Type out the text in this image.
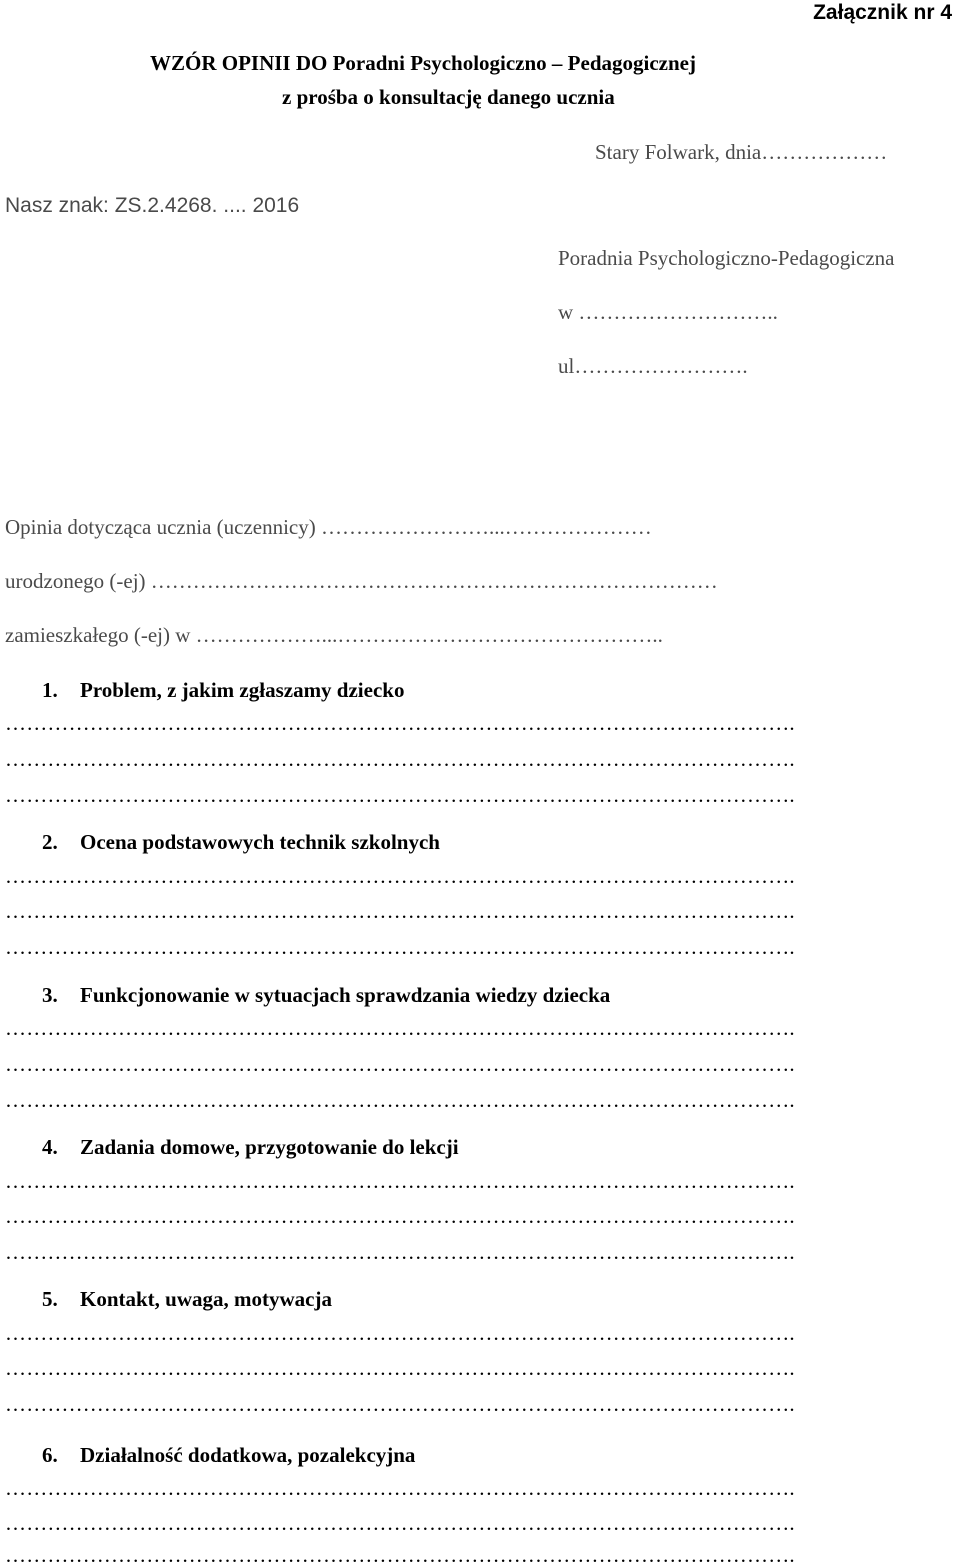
Załącznik nr 4
WZÓR OPINII DO Poradni Psychologiczno – Pedagogicznej
z prośba o konsultację danego ucznia
Stary Folwark, dnia………………
Nasz znak: ZS.2.4268. .... 2016
Poradnia Psychologiczno-Pedagogiczna
w ………………………..
ul…………………….
Opinia dotycząca ucznia (uczennicy) ……………………...…………………
urodzonego (-ej) ………………………………………………………………………
zamieszkałego (-ej) w ………………...………………………………………..
1. Problem, z jakim zgłaszamy dziecko
………………………………………………………………………………………………….
………………………………………………………………………………………………….
………………………………………………………………………………………………….
2. Ocena podstawowych technik szkolnych
………………………………………………………………………………………………….
………………………………………………………………………………………………….
………………………………………………………………………………………………….
3. Funkcjonowanie w sytuacjach sprawdzania wiedzy dziecka
………………………………………………………………………………………………….
………………………………………………………………………………………………….
………………………………………………………………………………………………….
4. Zadania domowe, przygotowanie do lekcji
………………………………………………………………………………………………….
………………………………………………………………………………………………….
………………………………………………………………………………………………….
5. Kontakt, uwaga, motywacja
………………………………………………………………………………………………….
………………………………………………………………………………………………….
………………………………………………………………………………………………….
6. Działalność dodatkowa, pozalekcyjna
………………………………………………………………………………………………….
………………………………………………………………………………………………….
………………………………………………………………………………………………….
